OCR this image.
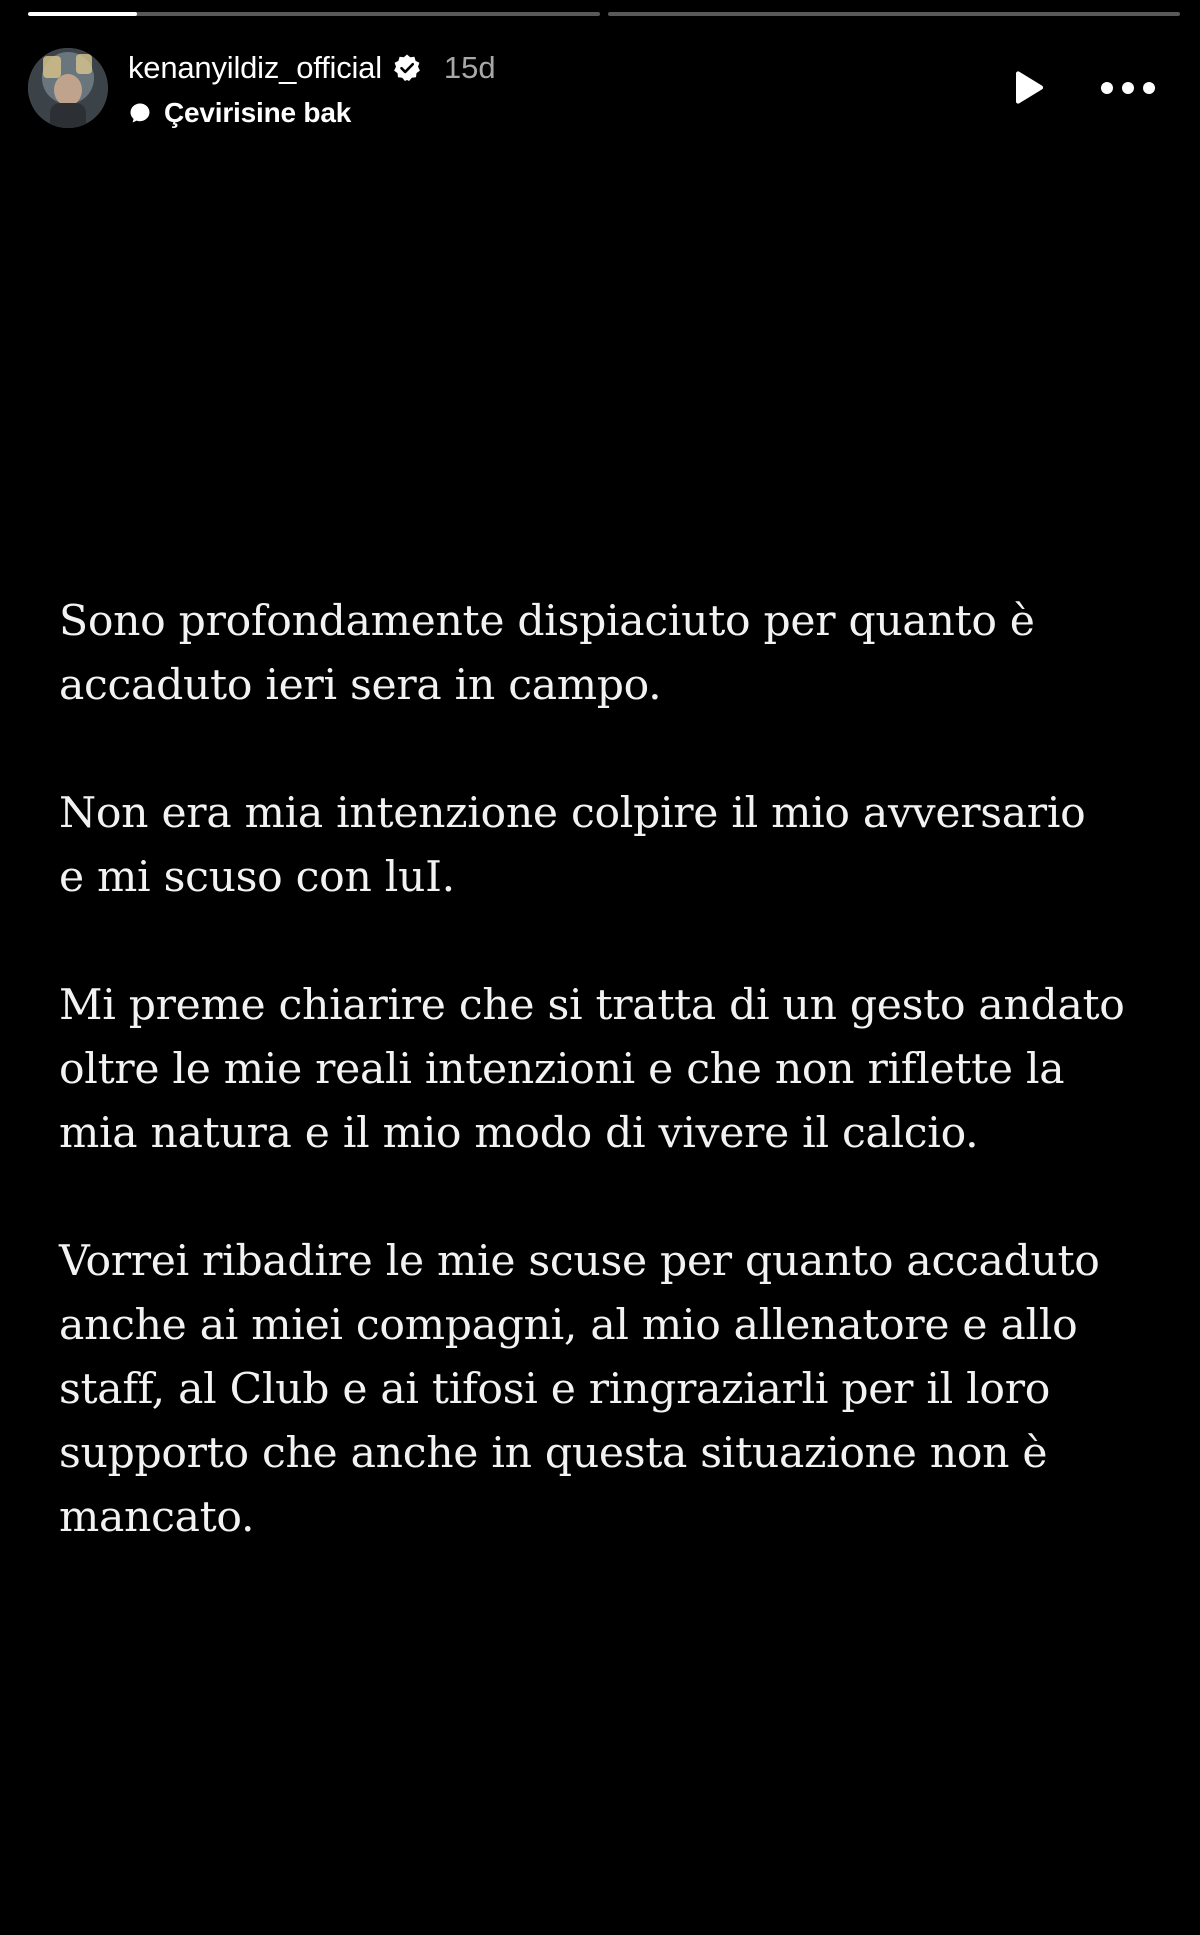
kenanyildiz_official 15d
Çevirisine bak

Sono profondamente dispiaciuto per quanto è
accaduto ieri sera in campo.

Non era mia intenzione colpire il mio avversario
e mi scuso con luI.

Mi preme chiarire che si tratta di un gesto andato
oltre le mie reali intenzioni e che non riflette la
mia natura e il mio modo di vivere il calcio.

Vorrei ribadire le mie scuse per quanto accaduto
anche ai miei compagni, al mio allenatore e allo
staff, al Club e ai tifosi e ringraziarli per il loro
supporto che anche in questa situazione non è
mancato.
